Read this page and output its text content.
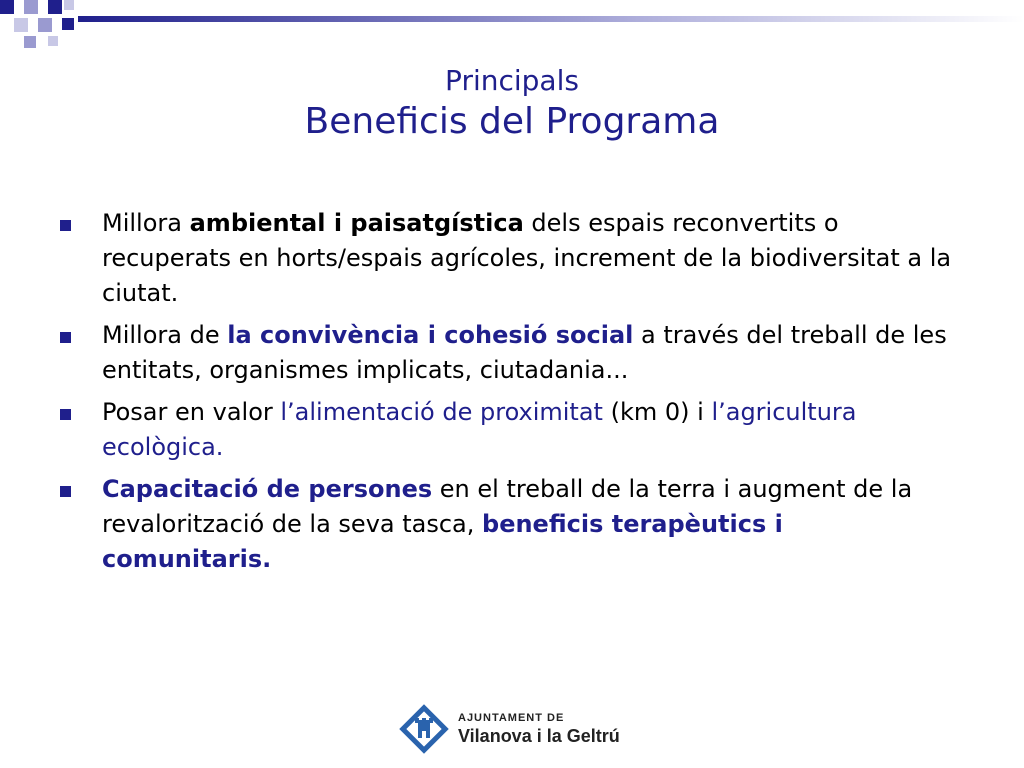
Principals
Beneficis del Programa
Millora ambiental i paisatgística dels espais reconvertits o recuperats en horts/espais agrícoles, increment de la biodiversitat a la ciutat.
Millora de la convivència i cohesió social a través del treball de les entitats, organismes implicats, ciutadania...
Posar en valor l’alimentació de proximitat (km 0) i l’agricultura ecològica.
Capacitació de persones en el treball de la terra i augment de la revalorització de la seva tasca, beneficis terapèutics i comunitaris.
AJUNTAMENT DE
Vilanova i la Geltrú
